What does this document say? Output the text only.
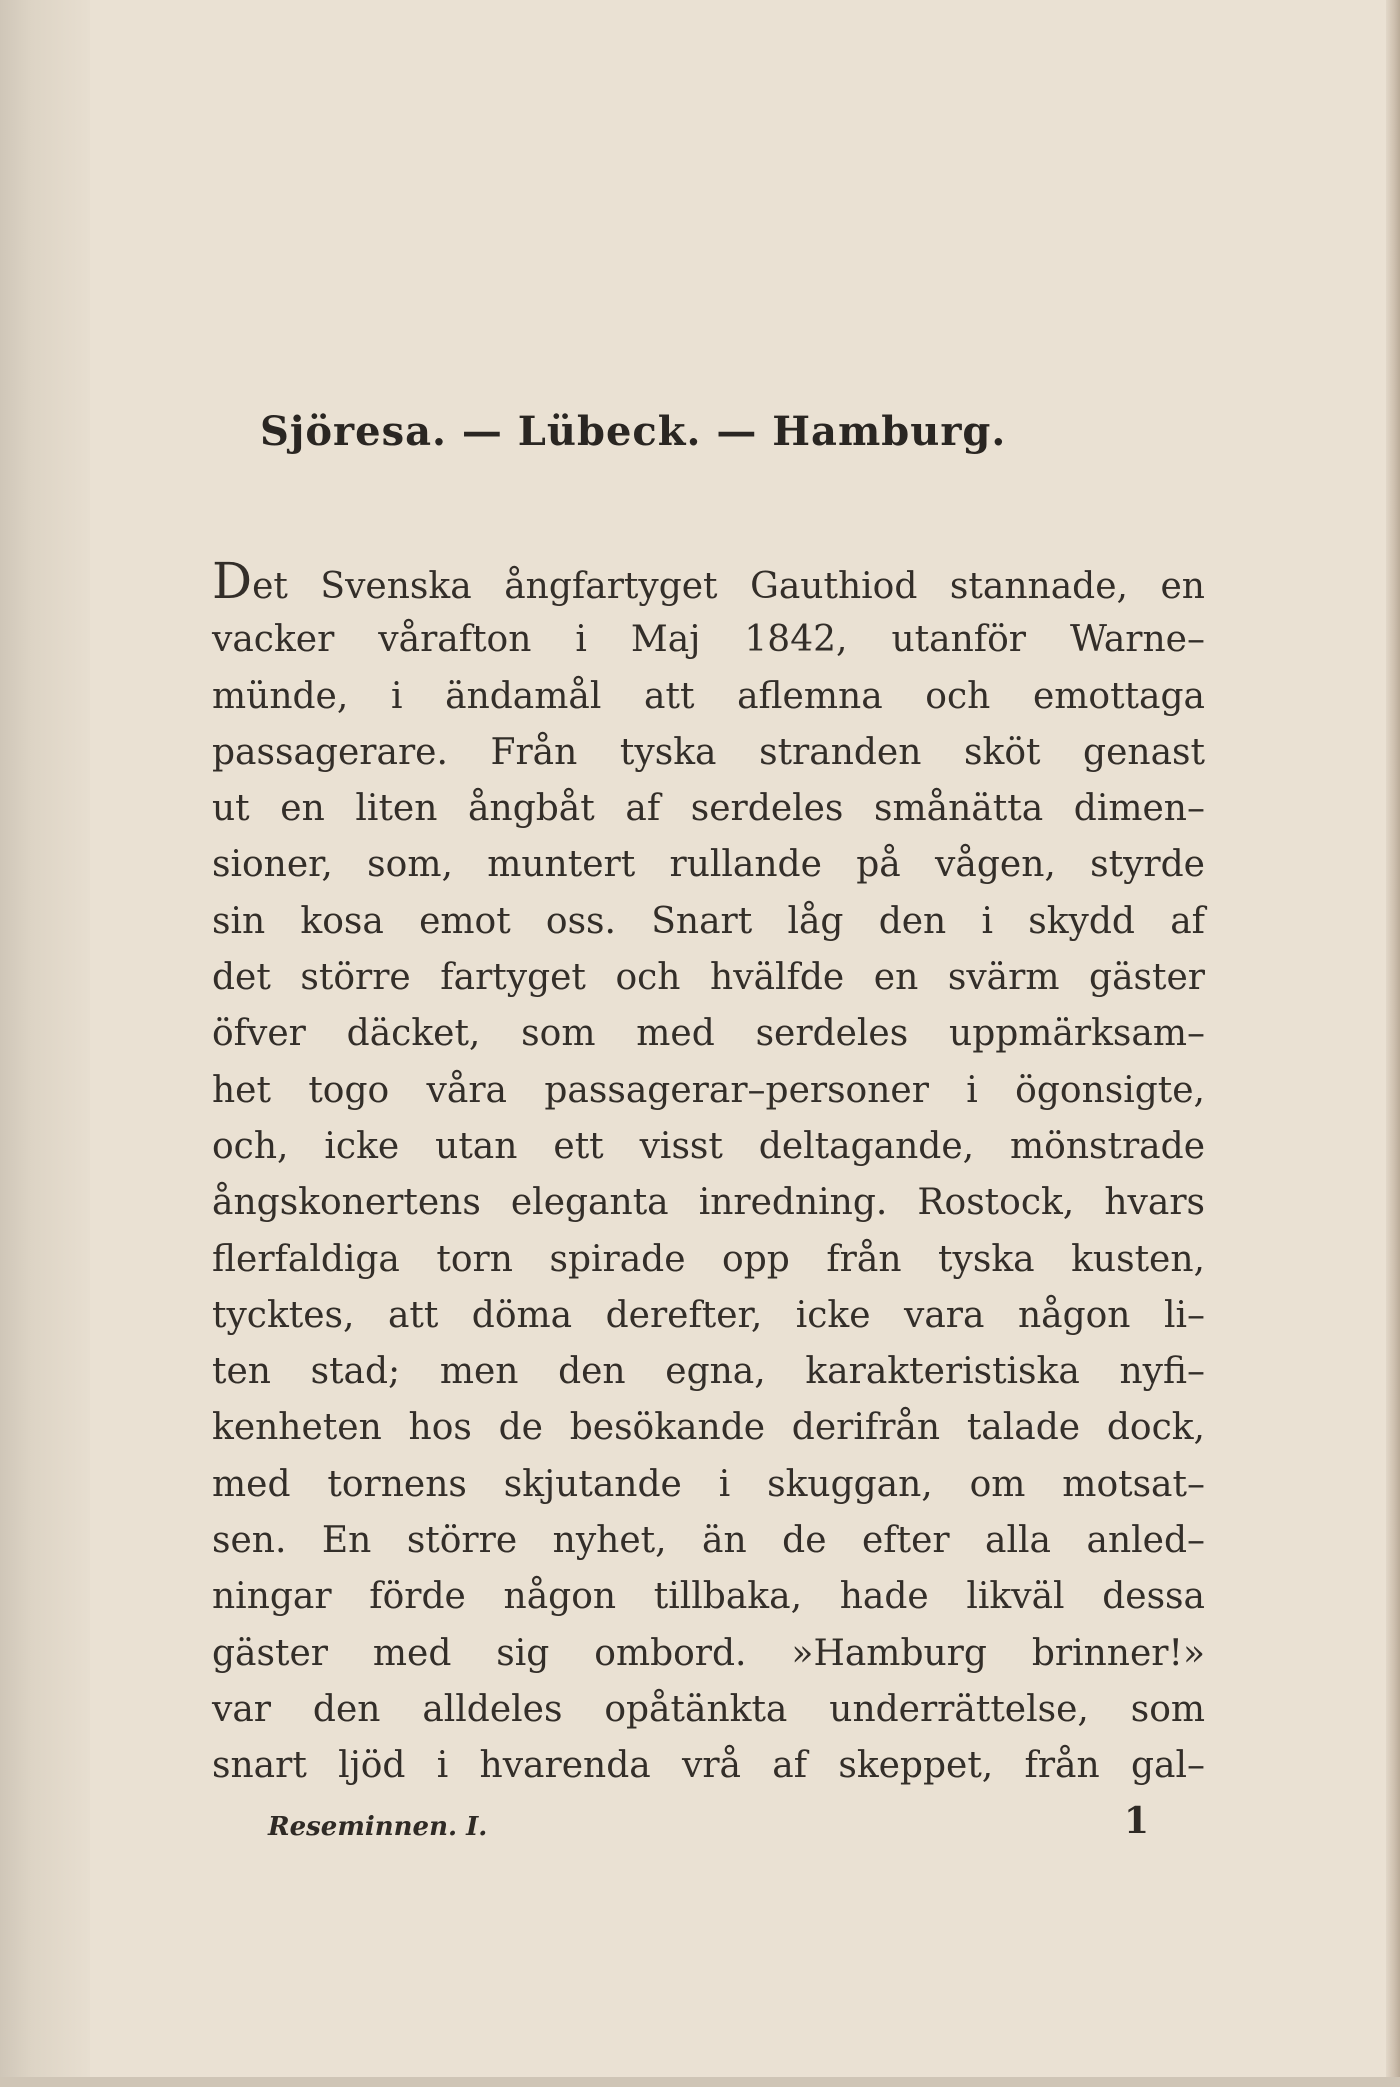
Sjöresa. — Lübeck. — Hamburg.
Det Svenska ångfartyget Gauthiod stannade, en
vacker vårafton i Maj 1842, utanför Warne–
münde, i ändamål att aflemna och emottaga
passagerare. Från tyska stranden sköt genast
ut en liten ångbåt af serdeles smånätta dimen–
sioner, som, muntert rullande på vågen, styrde
sin kosa emot oss. Snart låg den i skydd af
det större fartyget och hvälfde en svärm gäster
öfver däcket, som med serdeles uppmärksam–
het togo våra passagerar–personer i ögonsigte,
och, icke utan ett visst deltagande, mönstrade
ångskonertens eleganta inredning. Rostock, hvars
flerfaldiga torn spirade opp från tyska kusten,
tycktes, att döma derefter, icke vara någon li–
ten stad; men den egna, karakteristiska nyfi–
kenheten hos de besökande derifrån talade dock,
med tornens skjutande i skuggan, om motsat–
sen. En större nyhet, än de efter alla anled–
ningar förde någon tillbaka, hade likväl dessa
gäster med sig ombord. »Hamburg brinner!»
var den alldeles opåtänkta underrättelse, som
snart ljöd i hvarenda vrå af skeppet, från gal–
Reseminnen. I.	1
